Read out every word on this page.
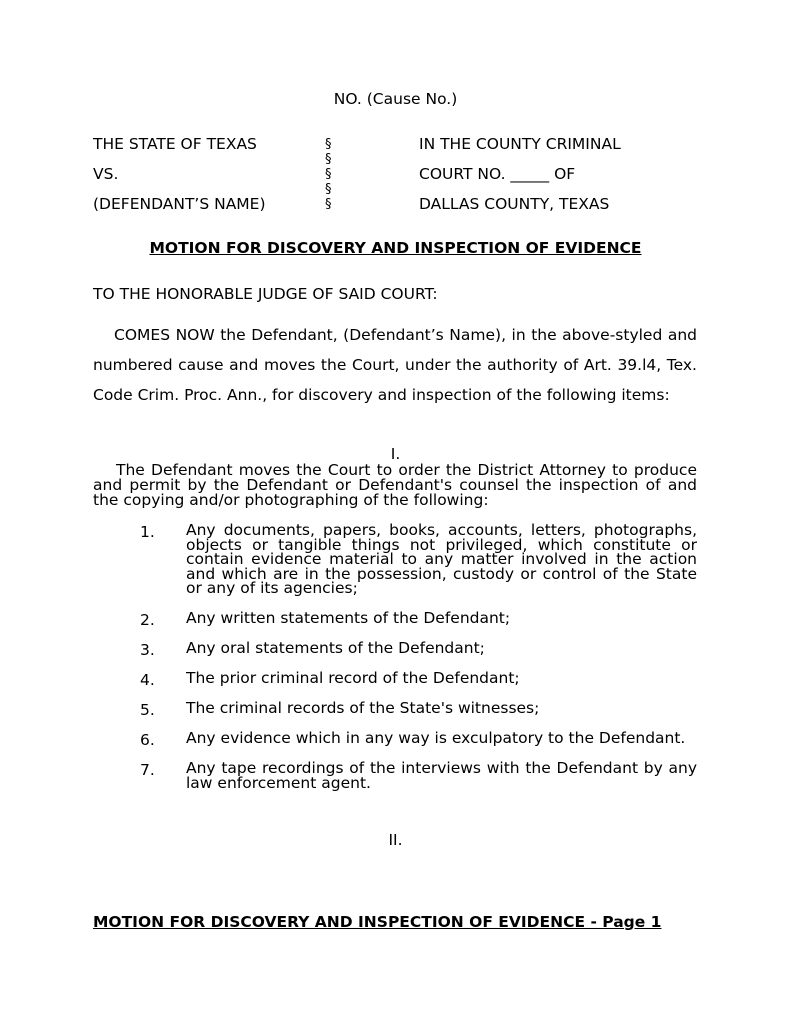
NO. (Cause No.)
THE STATE OF TEXAS
VS.
(DEFENDANT’S NAME)
§
§
§
§
§
IN THE COUNTY CRIMINAL
COURT NO. _____ OF
DALLAS COUNTY, TEXAS
MOTION FOR DISCOVERY AND INSPECTION OF EVIDENCE
TO THE HONORABLE JUDGE OF SAID COURT:
COMES NOW the Defendant, (Defendant’s Name), in the above-styled and numbered cause and moves the Court, under the authority of Art. 39.l4, Tex. Code Crim. Proc. Ann., for discovery and inspection of the following items:
I.
The Defendant moves the Court to order the District Attorney to produce and permit by the Defendant or Defendant's counsel the inspection of and the copying and/or photographing of the following:
1. Any documents, papers, books, accounts, letters, photographs, objects or tangible things not privileged, which constitute or contain evidence material to any matter involved in the action and which are in the possession, custody or control of the State or any of its agencies;
2. Any written statements of the Defendant;
3. Any oral statements of the Defendant;
4. The prior criminal record of the Defendant;
5. The criminal records of the State's witnesses;
6. Any evidence which in any way is exculpatory to the Defendant.
7. Any tape recordings of the interviews with the Defendant by any law enforcement agent.
II.
MOTION FOR DISCOVERY AND INSPECTION OF EVIDENCE - Page 1
